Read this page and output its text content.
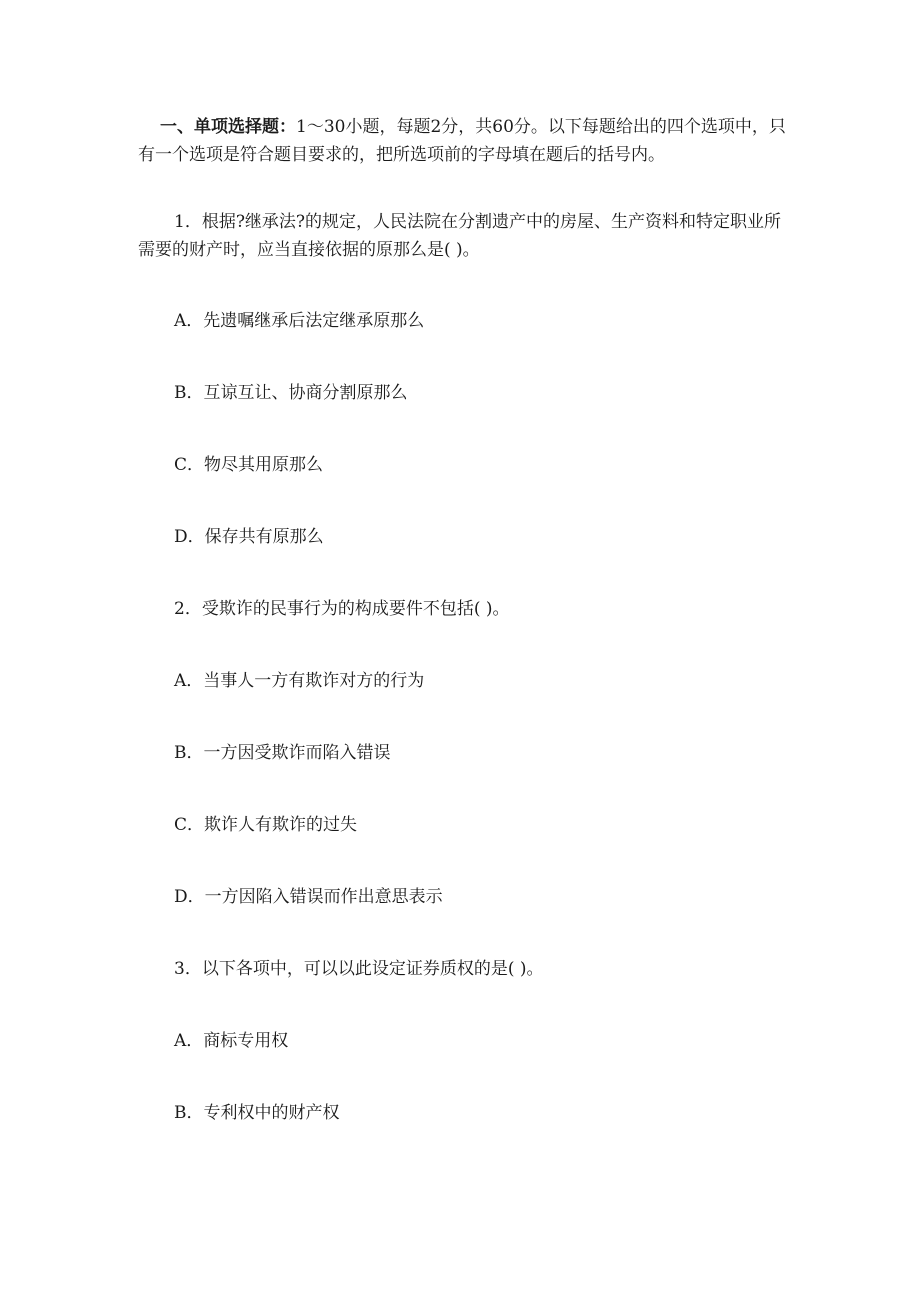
一、单项选择题：1～30小题，每题2分，共60分。以下每题给出的四个选项中，只有一个选项是符合题目要求的，把所选项前的字母填在题后的括号内。
1．根据?继承法?的规定，人民法院在分割遗产中的房屋、生产资料和特定职业所需要的财产时，应当直接依据的原那么是( )。
A．先遗嘱继承后法定继承原那么
B．互谅互让、协商分割原那么
C．物尽其用原那么
D．保存共有原那么
2．受欺诈的民事行为的构成要件不包括( )。
A．当事人一方有欺诈对方的行为
B．一方因受欺诈而陷入错误
C．欺诈人有欺诈的过失
D．一方因陷入错误而作出意思表示
3．以下各项中，可以以此设定证券质权的是( )。
A．商标专用权
B．专利权中的财产权
